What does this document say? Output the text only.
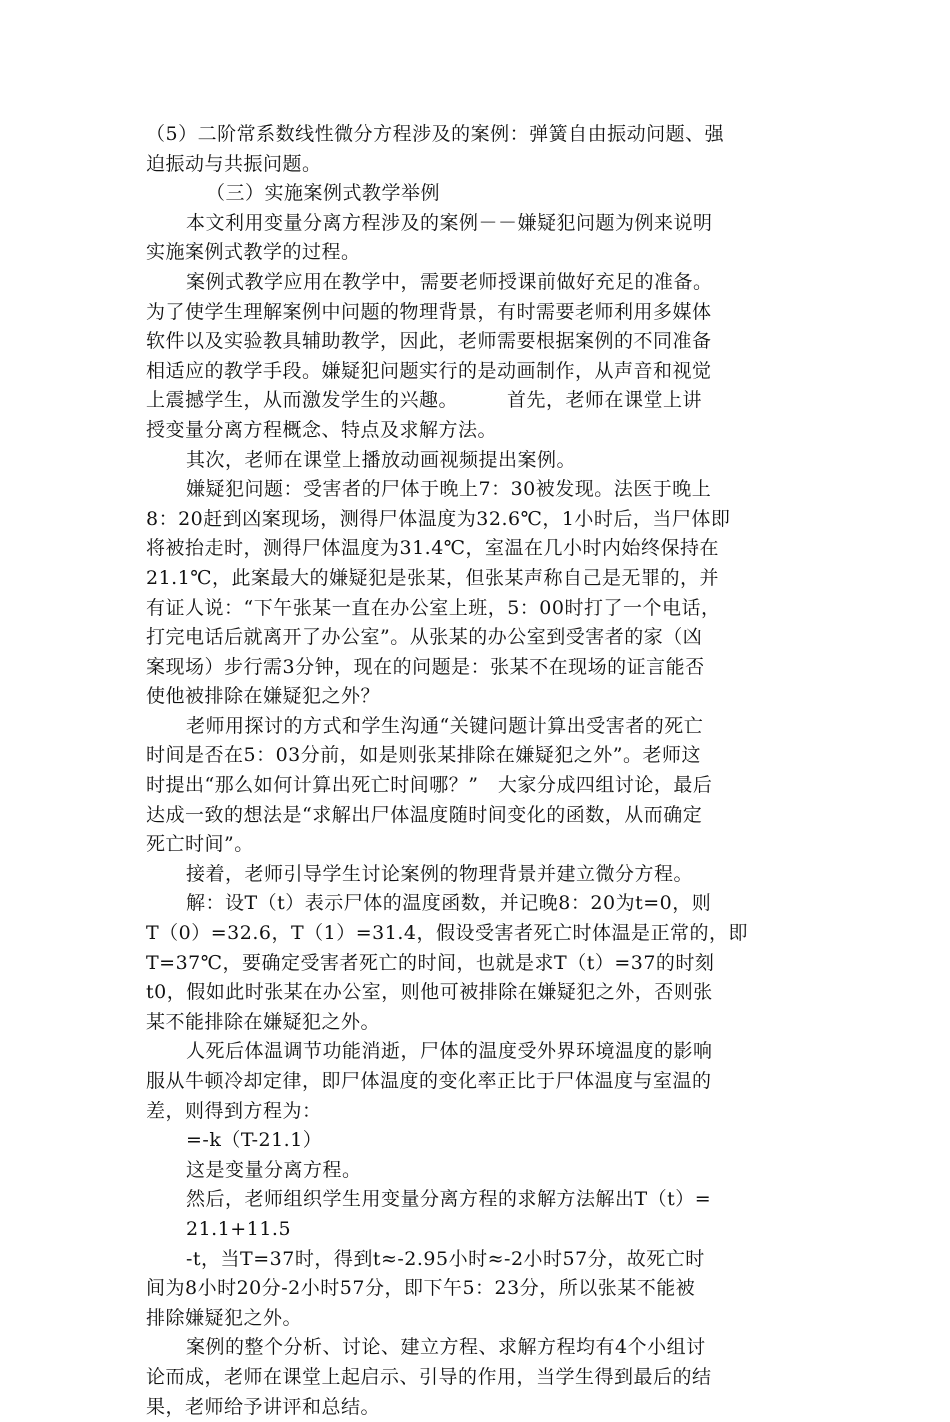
（5）二阶常系数线性微分方程涉及的案例：弹簧自由振动问题、强
迫振动与共振问题。
（三）实施案例式教学举例
本文利用变量分离方程涉及的案例－－嫌疑犯问题为例来说明
实施案例式教学的过程。
案例式教学应用在教学中，需要老师授课前做好充足的准备。
为了使学生理解案例中问题的物理背景，有时需要老师利用多媒体
软件以及实验教具辅助教学，因此，老师需要根据案例的不同准备
相适应的教学手段。嫌疑犯问题实行的是动画制作，从声音和视觉
上震撼学生，从而激发学生的兴趣。　　　首先，老师在课堂上讲
授变量分离方程概念、特点及求解方法。
其次，老师在课堂上播放动画视频提出案例。
嫌疑犯问题：受害者的尸体于晚上7：30被发现。法医于晚上
8：20赶到凶案现场，测得尸体温度为32.6℃，1小时后，当尸体即
将被抬走时，测得尸体温度为31.4℃，室温在几小时内始终保持在
21.1℃，此案最大的嫌疑犯是张某，但张某声称自己是无罪的，并
有证人说：“下午张某一直在办公室上班，5：00时打了一个电话，
打完电话后就离开了办公室”。从张某的办公室到受害者的家（凶
案现场）步行需3分钟，现在的问题是：张某不在现场的证言能否
使他被排除在嫌疑犯之外？
老师用探讨的方式和学生沟通“关键问题计算出受害者的死亡
时间是否在5：03分前，如是则张某排除在嫌疑犯之外”。老师这
时提出“那么如何计算出死亡时间哪？”　大家分成四组讨论，最后
达成一致的想法是“求解出尸体温度随时间变化的函数，从而确定
死亡时间”。
接着，老师引导学生讨论案例的物理背景并建立微分方程。
解：设T（t）表示尸体的温度函数，并记晚8：20为t=0，则
T（0）=32.6，T（1）=31.4，假设受害者死亡时体温是正常的，即
T=37℃，要确定受害者死亡的时间，也就是求T（t）=37的时刻
t0，假如此时张某在办公室，则他可被排除在嫌疑犯之外，否则张
某不能排除在嫌疑犯之外。
人死后体温调节功能消逝，尸体的温度受外界环境温度的影响
服从牛顿冷却定律，即尸体温度的变化率正比于尸体温度与室温的
差，则得到方程为：
=-k（T-21.1）
这是变量分离方程。
然后，老师组织学生用变量分离方程的求解方法解出T（t）=
21.1+11.5
-t，当T=37时，得到t≈-2.95小时≈-2小时57分，故死亡时
间为8小时20分-2小时57分，即下午5：23分，所以张某不能被
排除嫌疑犯之外。
案例的整个分析、讨论、建立方程、求解方程均有4个小组讨
论而成，老师在课堂上起启示、引导的作用，当学生得到最后的结
果，老师给予讲评和总结。
